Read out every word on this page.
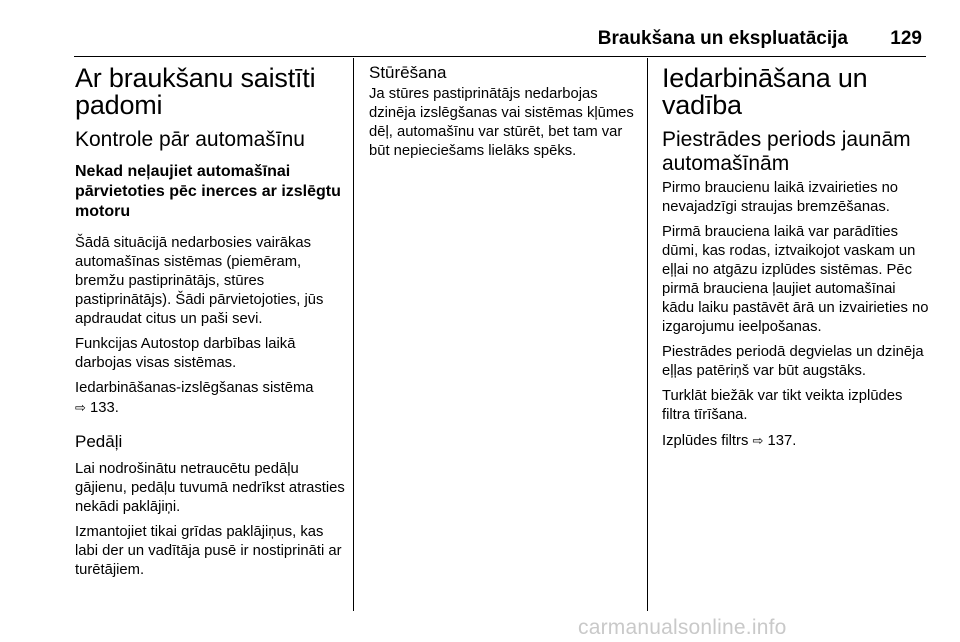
Braukšana un ekspluatācija 129
Ar braukšanu saistīti padomi
Kontrole pār automašīnu
Nekad neļaujiet automašīnai pārvietoties pēc inerces ar izslēgtu motoru

Šādā situācijā nedarbosies vairākas automašīnas sistēmas (piemēram, bremžu pastiprinātājs, stūres pastiprinātājs). Šādi pārvietojoties, jūs apdraudat citus un paši sevi.

Funkcijas Autostop darbības laikā darbojas visas sistēmas.

Iedarbināšanas-izslēgšanas sistēma
⇨ 133.

Pedāļi

Lai nodrošinātu netraucētu pedāļu gājienu, pedāļu tuvumā nedrīkst atrasties nekādi paklājiņi.

Izmantojiet tikai grīdas paklājiņus, kas labi der un vadītāja pusē ir nostiprināti ar turētājiem.

Stūrēšana

Ja stūres pastiprinātājs nedarbojas dzinēja izslēgšanas vai sistēmas kļūmes dēļ, automašīnu var stūrēt, bet tam var būt nepieciešams lielāks spēks.

Iedarbināšana un vadība
Piestrādes periods jaunām automašīnām

Pirmo braucienu laikā izvairieties no nevajadzīgi straujas bremzēšanas.

Pirmā brauciena laikā var parādīties dūmi, kas rodas, iztvaikojot vaskam un eļļai no atgāzu izplūdes sistēmas. Pēc pirmā brauciena ļaujiet automašīnai kādu laiku pastāvēt ārā un izvairieties no izgarojumu ieelpošanas.

Piestrādes periodā degvielas un dzinēja eļļas patēriņš var būt augstāks.

Turklāt biežāk var tikt veikta izplūdes filtra tīrīšana.

Izplūdes filtrs ⇨ 137.

carmanualsonline.info
